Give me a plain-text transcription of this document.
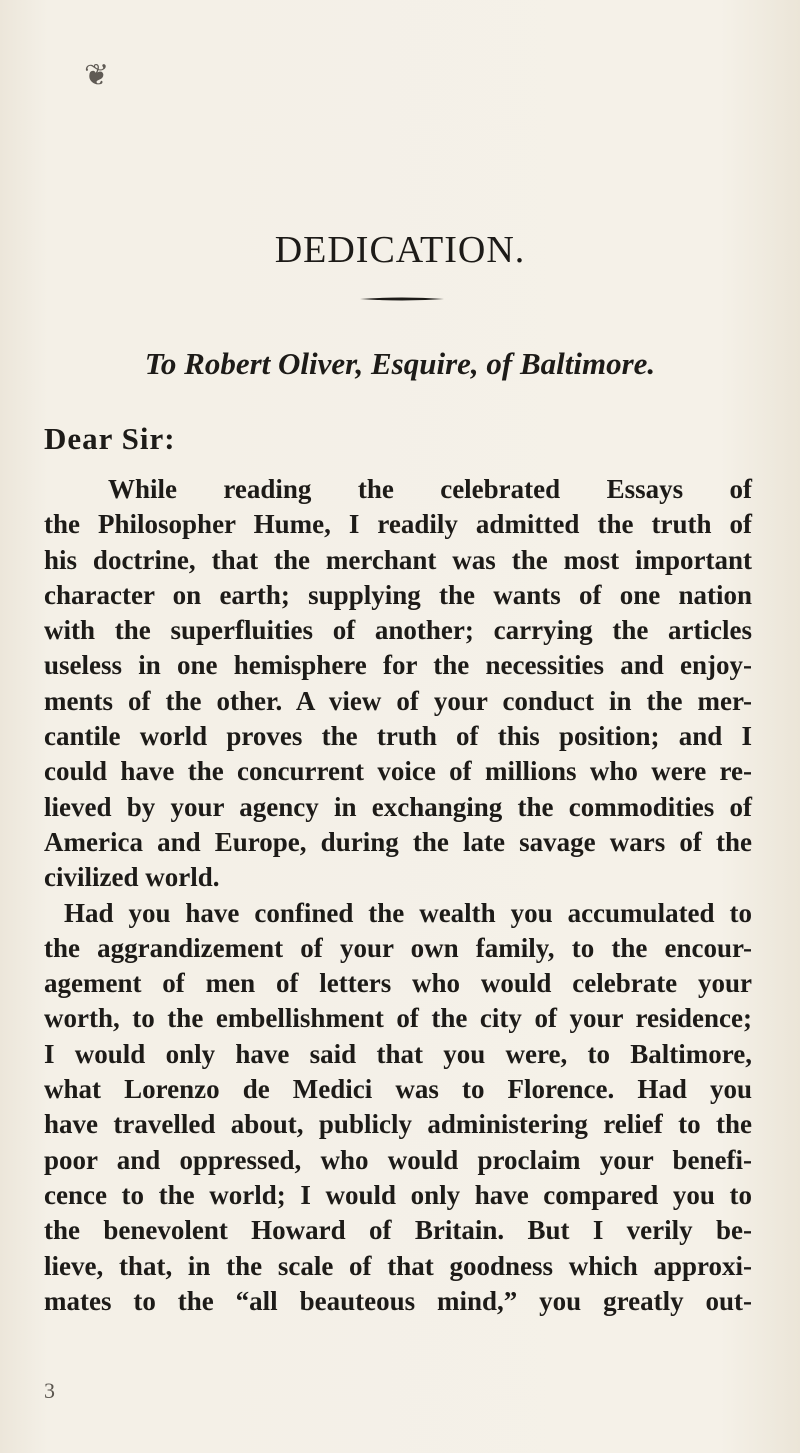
❦
DEDICATION.
To Robert Oliver, Esquire, of Baltimore.
Dear Sir:
While reading the celebrated Essays of
the Philosopher Hume, I readily admitted the truth of
his doctrine, that the merchant was the most important
character on earth; supplying the wants of one nation
with the superfluities of another; carrying the articles
useless in one hemisphere for the necessities and enjoy-
ments of the other. A view of your conduct in the mer-
cantile world proves the truth of this position; and I
could have the concurrent voice of millions who were re-
lieved by your agency in exchanging the commodities of
America and Europe, during the late savage wars of the
civilized world.
Had you have confined the wealth you accumulated to
the aggrandizement of your own family, to the encour-
agement of men of letters who would celebrate your
worth, to the embellishment of the city of your residence;
I would only have said that you were, to Baltimore,
what Lorenzo de Medici was to Florence. Had you
have travelled about, publicly administering relief to the
poor and oppressed, who would proclaim your benefi-
cence to the world; I would only have compared you to
the benevolent Howard of Britain. But I verily be-
lieve, that, in the scale of that goodness which approxi-
mates to the “all beauteous mind,” you greatly out-
3
